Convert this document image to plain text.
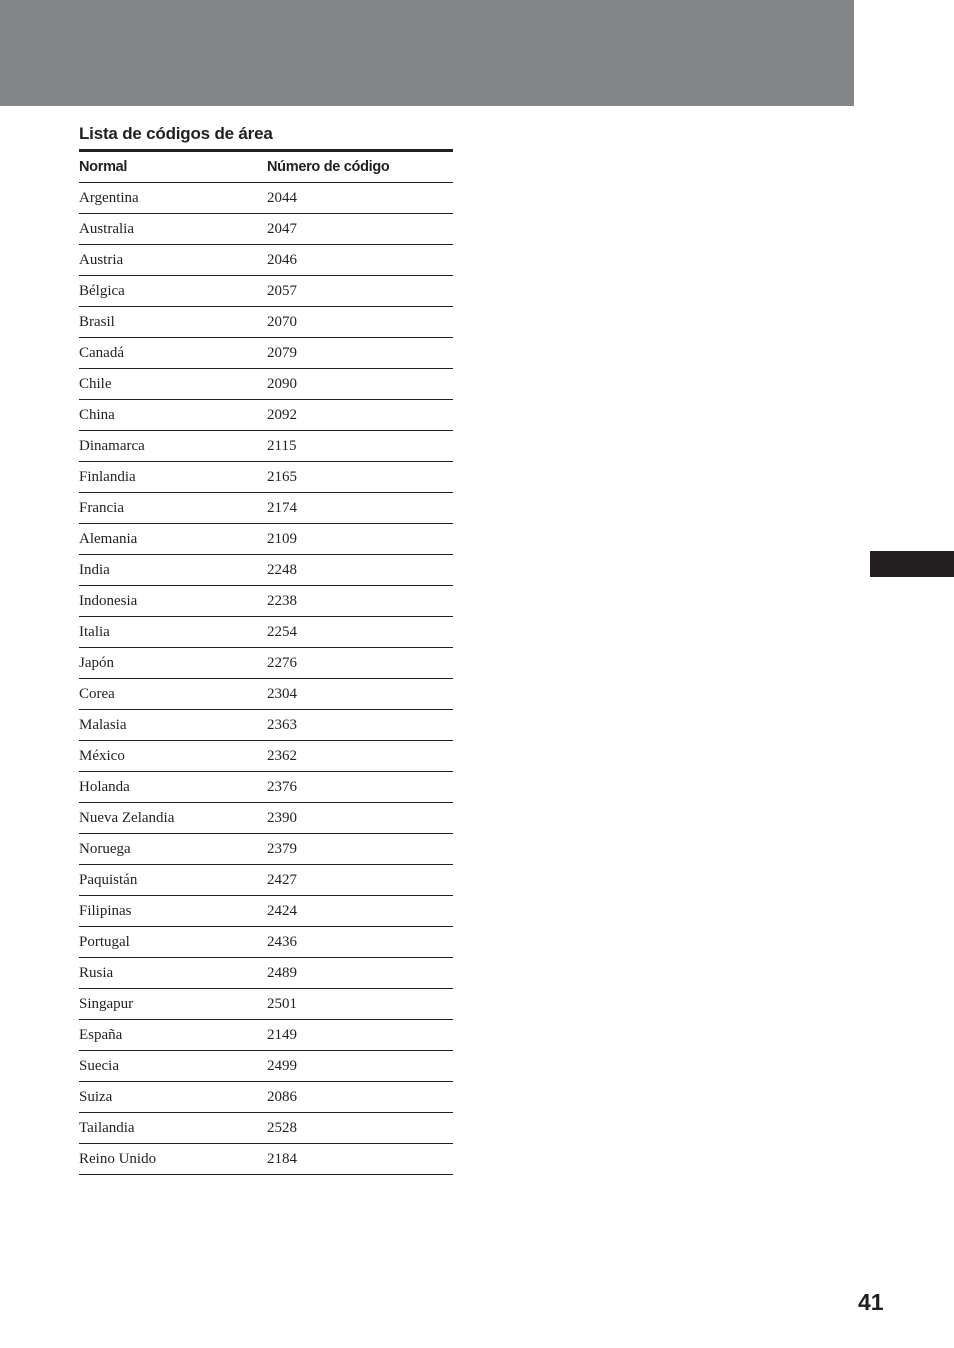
Lista de códigos de área
Normal	Número de código
Argentina	2044
Australia	2047
Austria	2046
Bélgica	2057
Brasil	2070
Canadá	2079
Chile	2090
China	2092
Dinamarca	2115
Finlandia	2165
Francia	2174
Alemania	2109
India	2248
Indonesia	2238
Italia	2254
Japón	2276
Corea	2304
Malasia	2363
México	2362
Holanda	2376
Nueva Zelandia	2390
Noruega	2379
Paquistán	2427
Filipinas	2424
Portugal	2436
Rusia	2489
Singapur	2501
España	2149
Suecia	2499
Suiza	2086
Tailandia	2528
Reino Unido	2184
41
